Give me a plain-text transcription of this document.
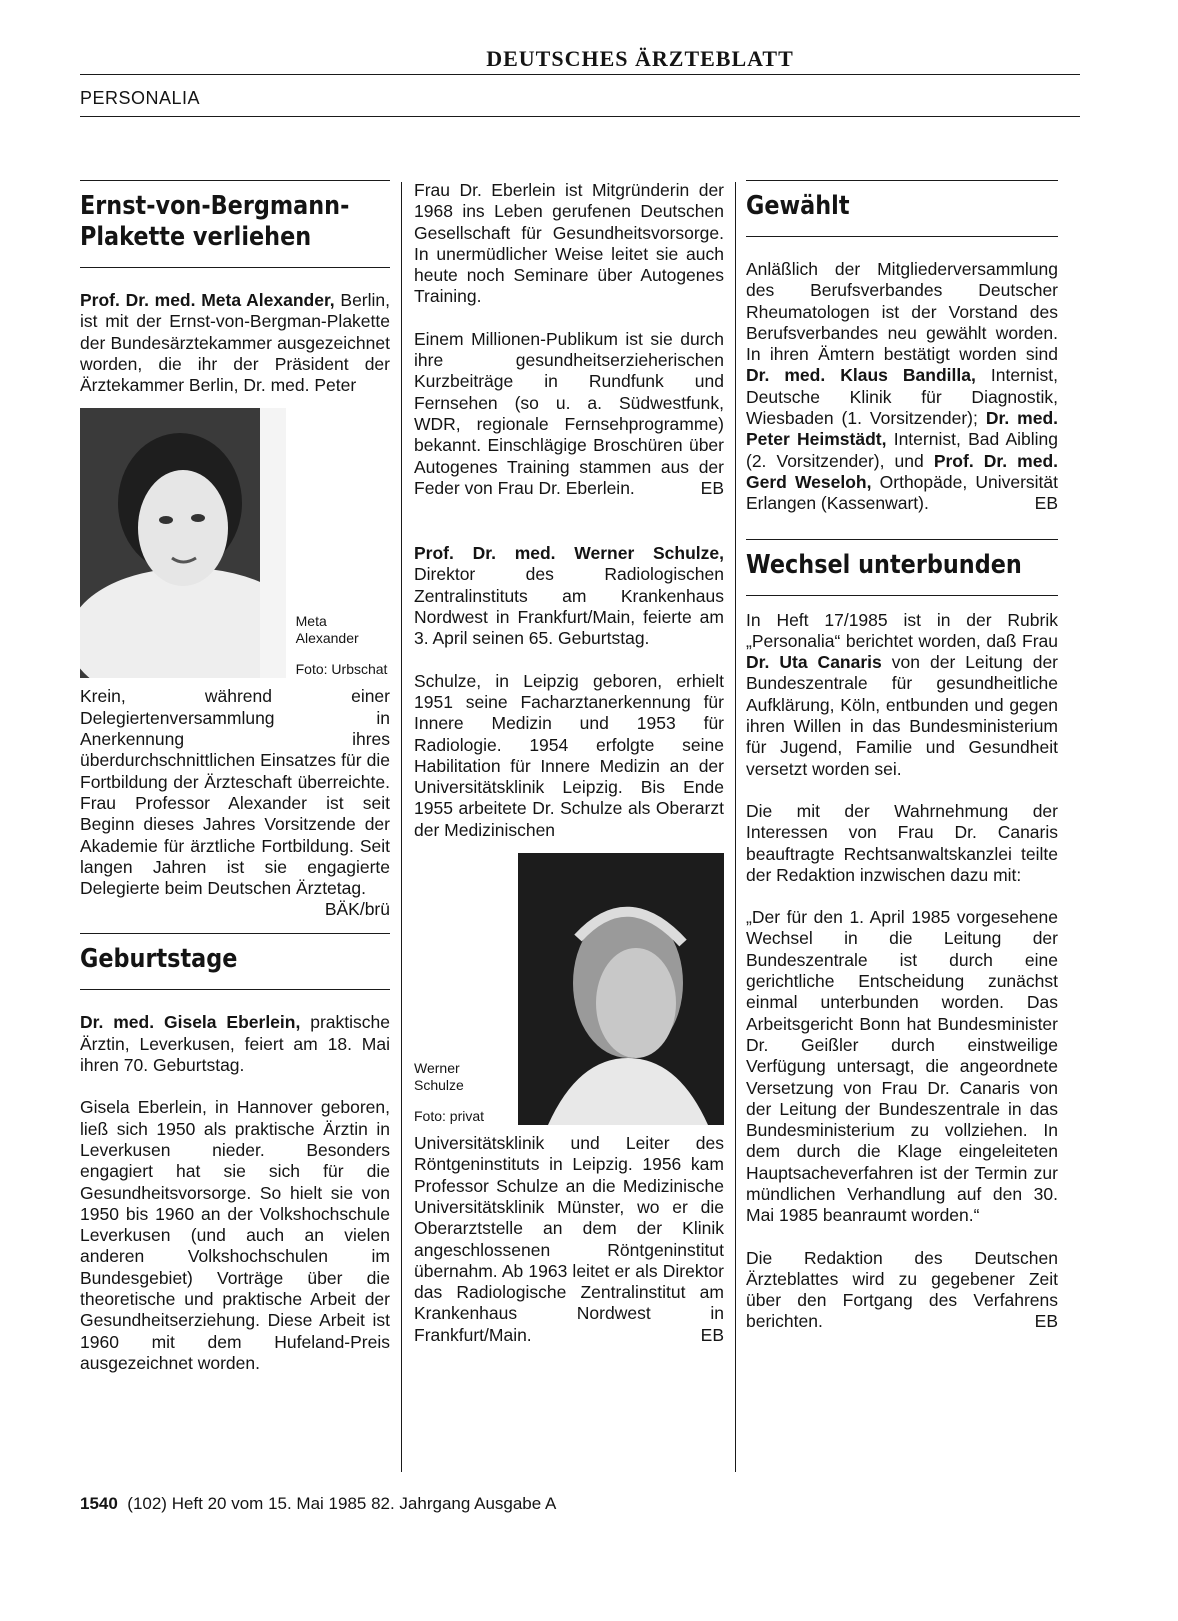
DEUTSCHES ÄRZTEBLATT
PERSONALIA
Ernst-von-Bergmann-Plakette verliehen

Prof. Dr. med. Meta Alexander, Berlin, ist mit der Ernst-von-Bergman-Plakette der Bundesärztekammer ausgezeichnet worden, die ihr der Präsident der Ärztekammer Berlin, Dr. med. Peter

Meta Alexander
Foto: Urbschat

Krein, während einer Delegiertenversammlung in Anerkennung ihres überdurchschnittlichen Einsatzes für die Fortbildung der Ärzteschaft überreichte. Frau Professor Alexander ist seit Beginn dieses Jahres Vorsitzende der Akademie für ärztliche Fortbildung. Seit langen Jahren ist sie engagierte Delegierte beim Deutschen Ärztetag.
BÄK/brü

Geburtstage

Dr. med. Gisela Eberlein, praktische Ärztin, Leverkusen, feiert am 18. Mai ihren 70. Geburtstag.

Gisela Eberlein, in Hannover geboren, ließ sich 1950 als praktische Ärztin in Leverkusen nieder. Besonders engagiert hat sie sich für die Gesundheitsvorsorge. So hielt sie von 1950 bis 1960 an der Volkshochschule Leverkusen (und auch an vielen anderen Volkshochschulen im Bundesgebiet) Vorträge über die theoretische und praktische Arbeit der Gesundheitserziehung. Diese Arbeit ist 1960 mit dem Hufeland-Preis ausgezeichnet worden.

Frau Dr. Eberlein ist Mitgründerin der 1968 ins Leben gerufenen Deutschen Gesellschaft für Gesundheitsvorsorge. In unermüdlicher Weise leitet sie auch heute noch Seminare über Autogenes Training.

Einem Millionen-Publikum ist sie durch ihre gesundheitserzieherischen Kurzbeiträge in Rundfunk und Fernsehen (so u. a. Südwestfunk, WDR, regionale Fernsehprogramme) bekannt. Einschlägige Broschüren über Autogenes Training stammen aus der Feder von Frau Dr. Eberlein.	EB

Prof. Dr. med. Werner Schulze, Direktor des Radiologischen Zentralinstituts am Krankenhaus Nordwest in Frankfurt/Main, feierte am 3. April seinen 65. Geburtstag.

Schulze, in Leipzig geboren, erhielt 1951 seine Facharztanerkennung für Innere Medizin und 1953 für Radiologie. 1954 erfolgte seine Habilitation für Innere Medizin an der Universitätsklinik Leipzig. Bis Ende 1955 arbeitete Dr. Schulze als Oberarzt der Medizinischen

Werner Schulze
Foto: privat

Universitätsklinik und Leiter des Röntgeninstituts in Leipzig. 1956 kam Professor Schulze an die Medizinische Universitätsklinik Münster, wo er die Oberarztstelle an dem der Klinik angeschlossenen Röntgeninstitut übernahm. Ab 1963 leitet er als Direktor das Radiologische Zentralinstitut am Krankenhaus Nordwest in Frankfurt/Main.	EB

Gewählt

Anläßlich der Mitgliederversammlung des Berufsverbandes Deutscher Rheumatologen ist der Vorstand des Berufsverbandes neu gewählt worden. In ihren Ämtern bestätigt worden sind Dr. med. Klaus Bandilla, Internist, Deutsche Klinik für Diagnostik, Wiesbaden (1. Vorsitzender); Dr. med. Peter Heimstädt, Internist, Bad Aibling (2. Vorsitzender), und Prof. Dr. med. Gerd Weseloh, Orthopäde, Universität Erlangen (Kassenwart).	EB

Wechsel unterbunden

In Heft 17/1985 ist in der Rubrik „Personalia“ berichtet worden, daß Frau Dr. Uta Canaris von der Leitung der Bundeszentrale für gesundheitliche Aufklärung, Köln, entbunden und gegen ihren Willen in das Bundesministerium für Jugend, Familie und Gesundheit versetzt worden sei.

Die mit der Wahrnehmung der Interessen von Frau Dr. Canaris beauftragte Rechtsanwaltskanzlei teilte der Redaktion inzwischen dazu mit:

„Der für den 1. April 1985 vorgesehene Wechsel in die Leitung der Bundeszentrale ist durch eine gerichtliche Entscheidung zunächst einmal unterbunden worden. Das Arbeitsgericht Bonn hat Bundesminister Dr. Geißler durch einstweilige Verfügung untersagt, die angeordnete Versetzung von Frau Dr. Canaris von der Leitung der Bundeszentrale in das Bundesministerium zu vollziehen. In dem durch die Klage eingeleiteten Hauptsacheverfahren ist der Termin zur mündlichen Verhandlung auf den 30. Mai 1985 beanraumt worden.“

Die Redaktion des Deutschen Ärzteblattes wird zu gegebener Zeit über den Fortgang des Verfahrens berichten.	EB

1540 (102) Heft 20 vom 15. Mai 1985 82. Jahrgang Ausgabe A
